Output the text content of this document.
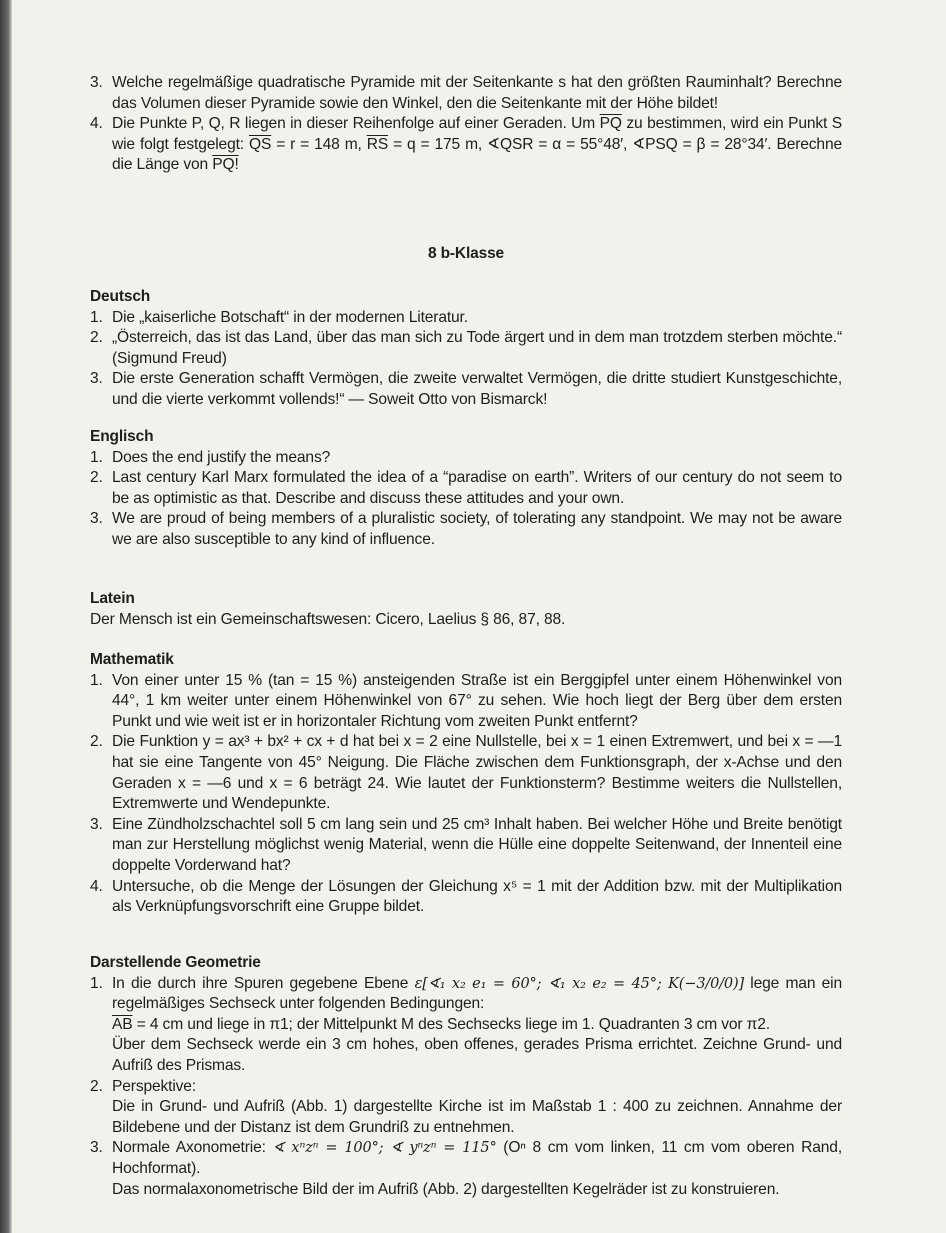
3. Welche regelmäßige quadratische Pyramide mit der Seitenkante s hat den größten Rauminhalt? Berechne das Volumen dieser Pyramide sowie den Winkel, den die Seitenkante mit der Höhe bildet!
4. Die Punkte P, Q, R liegen in dieser Reihenfolge auf einer Geraden. Um $\overline{PQ}$ zu bestimmen, wird ein Punkt S wie folgt festgelegt: $\overline{QS} = r = 148$ m, $\overline{RS} = q = 175$ m, ∢QSR = α = 55°48′, ∢PSQ = β = 28°34′. Berechne die Länge von PQ!
8 b-Klasse
Deutsch
1. Die „kaiserliche Botschaft“ in der modernen Literatur.
2. „Österreich, das ist das Land, über das man sich zu Tode ärgert und in dem man trotzdem sterben möchte.“ (Sigmund Freud)
3. Die erste Generation schafft Vermögen, die zweite verwaltet Vermögen, die dritte studiert Kunstgeschichte, und die vierte verkommt vollends!“ — Soweit Otto von Bismarck!
Englisch
1. Does the end justify the means?
2. Last century Karl Marx formulated the idea of a “paradise on earth”. Writers of our century do not seem to be as optimistic as that. Describe and discuss these attitudes and your own.
3. We are proud of being members of a pluralistic society, of tolerating any standpoint. We may not be aware we are also susceptible to any kind of influence.
Latein

Der Mensch ist ein Gemeinschaftswesen: Cicero, Laelius § 86, 87, 88.

Mathematik
1. Von einer unter 15 % (tan = 15 %) ansteigenden Straße ist ein Berggipfel unter einem Höhenwinkel von 44°, 1 km weiter unter einem Höhenwinkel von 67° zu sehen. Wie hoch liegt der Berg über dem ersten Punkt und wie weit ist er in horizontaler Richtung vom zweiten Punkt entfernt?
2. Die Funktion y = ax³ + bx² + cx + d hat bei x = 2 eine Nullstelle, bei x = 1 einen Extremwert, und bei x = —1 hat sie eine Tangente von 45° Neigung. Die Fläche zwischen dem Funktionsgraph, der x-Achse und den Geraden x = —6 und x = 6 beträgt 24. Wie lautet der Funktionsterm? Bestimme weiters die Nullstellen, Extremwerte und Wendepunkte.
3. Eine Zündholzschachtel soll 5 cm lang sein und 25 cm³ Inhalt haben. Bei welcher Höhe und Breite benötigt man zur Herstellung möglichst wenig Material, wenn die Hülle eine doppelte Seitenwand, der Innenteil eine doppelte Vorderwand hat?
4. Untersuche, ob die Menge der Lösungen der Gleichung x⁵ = 1 mit der Addition bzw. mit der Multiplikation als Verknüpfungsvorschrift eine Gruppe bildet.
Darstellende Geometrie
1. In die durch ihre Spuren gegebene Ebene ε[∢₁ x₂ e₁ = 60°; ∢₁ x₂ e₂ = 45°; K(−3/0/0)] lege man ein regelmäßiges Sechseck unter folgenden Bedingungen:
$\overline{AB} = 4$ cm und liege in π1; der Mittelpunkt M des Sechsecks liege im 1. Quadranten 3 cm vor π2.

Über dem Sechseck werde ein 3 cm hohes, oben offenes, gerades Prisma errichtet. Zeichne Grund- und Aufriß des Prismas.

2. Perspektive:

Die in Grund- und Aufriß (Abb. 1) dargestellte Kirche ist im Maßstab 1 : 400 zu zeichnen. Annahme der Bildebene und der Distanz ist dem Grundriß zu entnehmen.

3. Normale Axonometrie: ∢ xⁿzⁿ = 100°; ∢ yⁿzⁿ = 115° (Oⁿ 8 cm vom linken, 11 cm vom oberen Rand, Hochformat).

Das normalaxonometrische Bild der im Aufriß (Abb. 2) dargestellten Kegelräder ist zu konstruieren.
